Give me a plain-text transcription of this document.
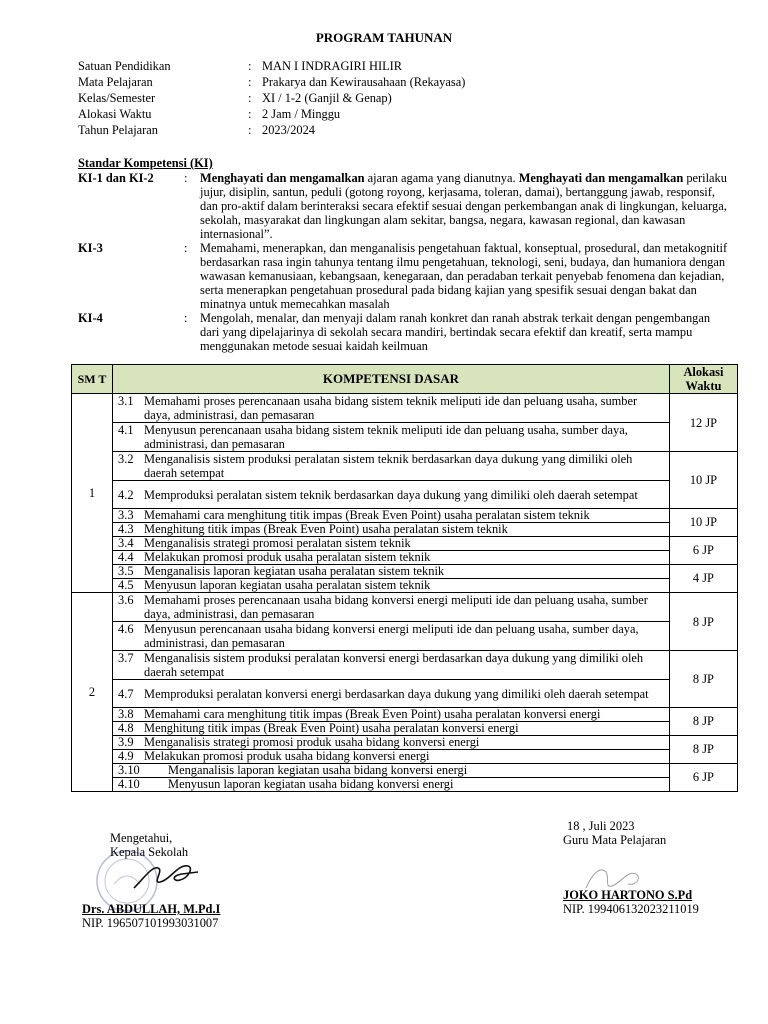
PROGRAM TAHUNAN
Satuan Pendidikan	: MAN I INDRAGIRI HILIR
Mata Pelajaran	: Prakarya dan Kewirausahaan (Rekayasa)
Kelas/Semester	: XI / 1-2 (Ganjil & Genap)
Alokasi Waktu	: 2 Jam / Minggu
Tahun Pelajaran	: 2023/2024
Standar Kompetensi (KI)
KI-1 dan KI-2	:	Menghayati dan mengamalkan ajaran agama yang dianutnya. Menghayati dan mengamalkan perilaku jujur, disiplin, santun, peduli (gotong royong, kerjasama, toleran, damai), bertanggung jawab, responsif, dan pro-aktif dalam berinteraksi secara efektif sesuai dengan perkembangan anak di lingkungan, keluarga, sekolah, masyarakat dan lingkungan alam sekitar, bangsa, negara, kawasan regional, dan kawasan internasional”.
KI-3	:	Memahami, menerapkan, dan menganalisis pengetahuan faktual, konseptual, prosedural, dan metakognitif berdasarkan rasa ingin tahunya tentang ilmu pengetahuan, teknologi, seni, budaya, dan humaniora dengan wawasan kemanusiaan, kebangsaan, kenegaraan, dan peradaban terkait penyebab fenomena dan kejadian, serta menerapkan pengetahuan prosedural pada bidang kajian yang spesifik sesuai dengan bakat dan minatnya untuk memecahkan masalah
KI-4	:	Mengolah, menalar, dan menyaji dalam ranah konkret dan ranah abstrak terkait dengan pengembangan dari yang dipelajarinya di sekolah secara mandiri, bertindak secara efektif dan kreatif, serta mampu menggunakan metode sesuai kaidah keilmuan
SM T	KOMPETENSI DASAR	Alokasi Waktu
1	3.1 Memahami proses perencanaan usaha bidang sistem teknik meliputi ide dan peluang usaha, sumber daya, administrasi, dan pemasaran	12 JP

	4.1 Menyusun perencanaan usaha bidang sistem teknik meliputi ide dan peluang usaha, sumber daya, administrasi, dan pemasaran	

	3.2 Menganalisis sistem produksi peralatan sistem teknik berdasarkan daya dukung yang dimiliki oleh daerah setempat	10 JP

	4.2 Memproduksi peralatan sistem teknik berdasarkan daya dukung yang dimiliki oleh daerah setempat	

	3.3 Memahami cara menghitung titik impas (Break Even Point) usaha peralatan sistem teknik	10 JP

	4.3 Menghitung titik impas (Break Even Point) usaha peralatan sistem teknik	

	3.4 Menganalisis strategi promosi peralatan sistem teknik	6 JP

	4.4 Melakukan promosi produk usaha peralatan sistem teknik	

	3.5 Menganalisis laporan kegiatan usaha peralatan sistem teknik	4 JP

	4.5 Menyusun laporan kegiatan usaha peralatan sistem teknik	

2	3.6 Memahami proses perencanaan usaha bidang konversi energi meliputi ide dan peluang usaha, sumber daya, administrasi, dan pemasaran	8 JP

	4.6 Menyusun perencanaan usaha bidang konversi energi meliputi ide dan peluang usaha, sumber daya, administrasi, dan pemasaran	

	3.7 Menganalisis sistem produksi peralatan konversi energi berdasarkan daya dukung yang dimiliki oleh daerah setempat	8 JP

	4.7 Memproduksi peralatan konversi energi berdasarkan daya dukung yang dimiliki oleh daerah setempat	

	3.8 Memahami cara menghitung titik impas (Break Even Point) usaha peralatan konversi energi	8 JP

	4.8 Menghitung titik impas (Break Even Point) usaha peralatan konversi energi	

	3.9 Menganalisis strategi promosi produk usaha bidang konversi energi	8 JP

	4.9 Melakukan promosi produk usaha bidang konversi energi	

	3.10 Menganalisis laporan kegiatan usaha bidang konversi energi	6 JP

	4.10 Menyusun laporan kegiatan usaha bidang konversi energi	
Mengetahui,
Kepala Sekolah
Drs. ABDULLAH, M.Pd.I
NIP. 196507101993031007
18 , Juli 2023
Guru Mata Pelajaran
JOKO HARTONO S.Pd
NIP. 199406132023211019
